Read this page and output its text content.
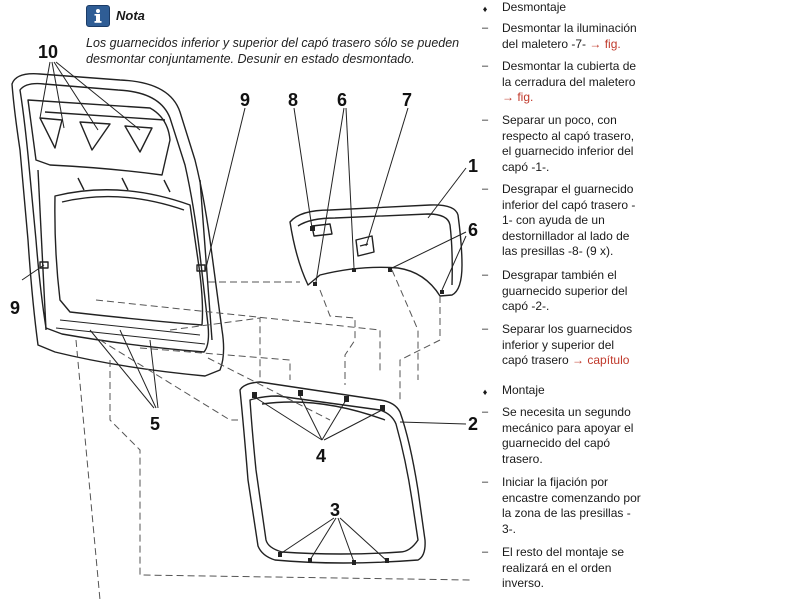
Nota
Los guarnecidos inferior y superior del capó trasero sólo se pueden
desmontar conjuntamente. Desunir en estado desmontado.
10
9 8 6	7
1
6
9
5
4
2
3
♦ Desmontaje
– Desmontar la iluminación
del maletero -7- → fig.
– Desmontar la cubierta de
la cerradura del maletero
→ fig.
– Separar un poco, con
respecto al capó trasero,
el guarnecido inferior del
capó -1-.
– Desgrapar el guarnecido
inferior del capó trasero -
1- con ayuda de un
destornillador al lado de
las presillas -8- (9 x).
– Desgrapar también el
guarnecido superior del
capó -2-.
– Separar los guarnecidos
inferior y superior del
capó trasero → capítulo
♦ Montaje
– Se necesita un segundo
mecánico para apoyar el
guarnecido del capó
trasero.
– Iniciar la fijación por
encastre comenzando por
la zona de las presillas -
3-.
– El resto del montaje se
realizará en el orden
inverso.
